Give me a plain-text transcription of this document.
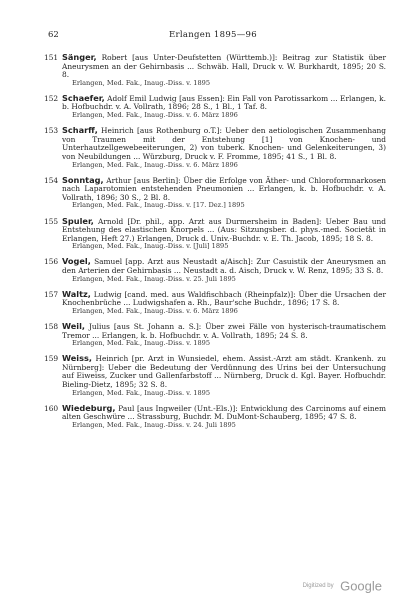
62	Erlangen 1895—96
151 Sänger, Robert [aus Unter-Deufstetten (Württemb.)]: Beitrag zur Statistik über Aneurysmen an der Gehirnbasis ... Schwäb. Hall, Druck v. W. Burkhardt, 1895; 20 S. 8.
Erlangen, Med. Fak., Inaug.-Diss. v. 1895
152 Schaefer, Adolf Emil Ludwig [aus Essen]: Ein Fall von Parotissarkom ... Erlangen, k. b. Hofbuchdr. v. A. Vollrath, 1896; 28 S., 1 Bl., 1 Taf. 8.
Erlangen, Med. Fak., Inaug.-Diss. v. 6. März 1896
153 Scharff, Heinrich [aus Rothenburg o.T.]: Ueber den aetiologischen Zusammenhang von Traumen mit der Entstehung [1] von Knochen- und Unterhautzellgewebeeiterungen, 2) von tuberk. Knochen- und Gelenkeiterungen, 3) von Neubildungen ... Würzburg, Druck v. F. Fromme, 1895; 41 S., 1 Bl. 8.
Erlangen, Med. Fak., Inaug.-Diss. v. 6. März 1896
154 Sonntag, Arthur [aus Berlin]: Über die Erfolge von Äther- und Chloroformnarkosen nach Laparotomien entstehenden Pneumonien ... Erlangen, k. b. Hofbuchdr. v. A. Vollrath, 1896; 30 S., 2 Bl. 8.
Erlangen, Med. Fak., Inaug.-Diss. v. [17. Dez.] 1895
155 Spuler, Arnold [Dr. phil., app. Arzt aus Durmersheim in Baden]: Ueber Bau und Entstehung des elastischen Knorpels ... (Aus: Sitzungsber. d. phys.-med. Societät in Erlangen, Heft 27.) Erlangen, Druck d. Univ.-Buchdr. v. E. Th. Jacob, 1895; 18 S. 8.
Erlangen, Med. Fak., Inaug.-Diss. v. [Juli] 1895
156 Vogel, Samuel [app. Arzt aus Neustadt a/Aisch]: Zur Casuistik der Aneurysmen an den Arterien der Gehirnbasis ... Neustadt a. d. Aisch, Druck v. W. Renz, 1895; 33 S. 8.
Erlangen, Med. Fak., Inaug.-Diss. v. 25. Juli 1895
157 Waltz, Ludwig [cand. med. aus Waldfischbach (Rheinpfalz)]: Über die Ursachen der Knochenbrüche ... Ludwigshafen a. Rh., Baur'sche Buchdr., 1896; 17 S. 8.
Erlangen, Med. Fak., Inaug.-Diss. v. 6. März 1896
158 Weil, Julius [aus St. Johann a. S.]: Über zwei Fälle von hysterisch-traumatischem Tremor ... Erlangen, k. b. Hofbuchdr. v. A. Vollrath, 1895; 24 S. 8.
Erlangen, Med. Fak., Inaug.-Diss. v. 1895
159 Weiss, Heinrich [pr. Arzt in Wunsiedel, ehem. Assist.-Arzt am städt. Krankenh. zu Nürnberg]: Ueber die Bedeutung der Verdünnung des Urins bei der Untersuchung auf Eiweiss, Zucker und Gallenfarbstoff ... Nürnberg, Druck d. Kgl. Bayer. Hofbuchdr. Bieling-Dietz, 1895; 32 S. 8.
Erlangen, Med. Fak., Inaug.-Diss. v. 1895
160 Wiedeburg, Paul [aus Ingweiler (Unt.-Els.)]: Entwicklung des Carcinoms auf einem alten Geschwüre ... Strassburg, Buchdr. M. DuMont-Schauberg, 1895; 47 S. 8.
Erlangen, Med. Fak., Inaug.-Diss. v. 24. Juli 1895
Digitized by Google
